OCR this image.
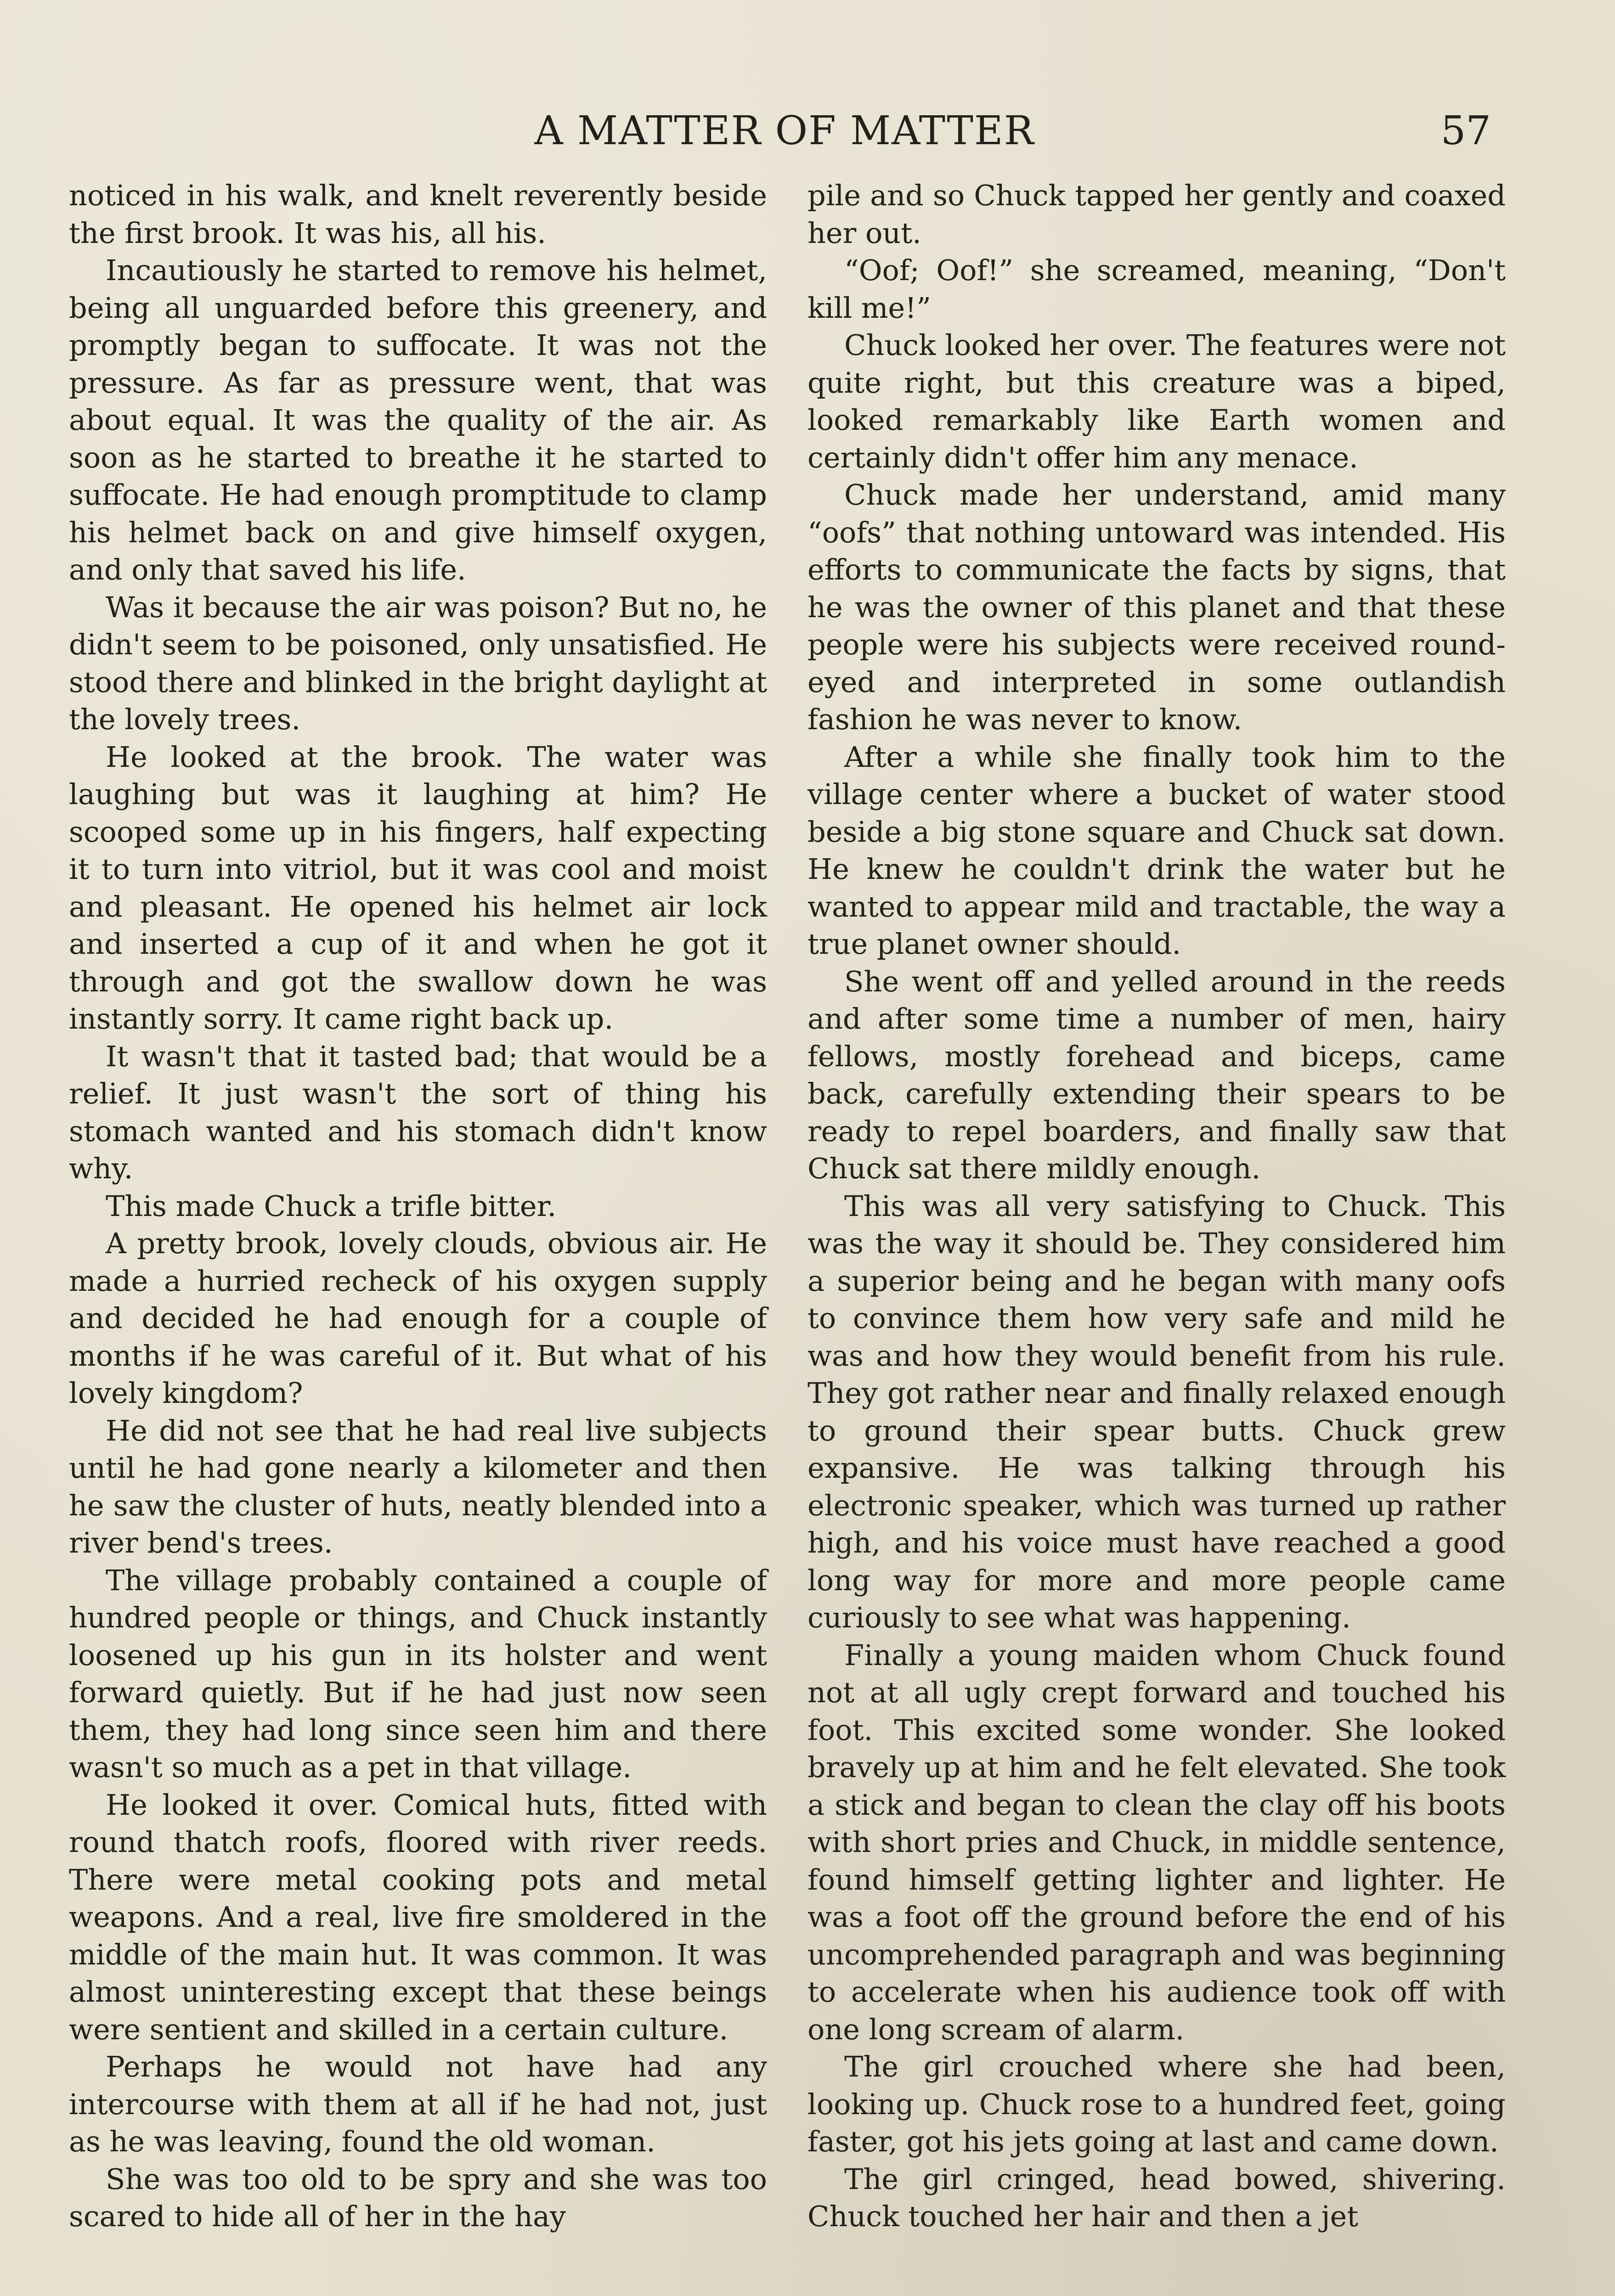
A MATTER OF MATTER	57

noticed in his walk, and knelt reverently beside the first brook. It was his, all his.

Incautiously he started to remove his helmet, being all unguarded before this greenery, and promptly began to suffocate. It was not the pressure. As far as pressure went, that was about equal. It was the quality of the air. As soon as he started to breathe it he started to suffocate. He had enough promptitude to clamp his helmet back on and give himself oxygen, and only that saved his life.

Was it because the air was poison? But no, he didn't seem to be poisoned, only unsatisfied. He stood there and blinked in the bright daylight at the lovely trees.

He looked at the brook. The water was laughing but was it laughing at him? He scooped some up in his fingers, half expecting it to turn into vitriol, but it was cool and moist and pleasant. He opened his helmet air lock and inserted a cup of it and when he got it through and got the swallow down he was instantly sorry. It came right back up.

It wasn't that it tasted bad; that would be a relief. It just wasn't the sort of thing his stomach wanted and his stomach didn't know why.

This made Chuck a trifle bitter.

A pretty brook, lovely clouds, obvious air. He made a hurried recheck of his oxygen supply and decided he had enough for a couple of months if he was careful of it. But what of his lovely kingdom?

He did not see that he had real live subjects until he had gone nearly a kilometer and then he saw the cluster of huts, neatly blended into a river bend's trees.

The village probably contained a couple of hundred people or things, and Chuck instantly loosened up his gun in its holster and went forward quietly. But if he had just now seen them, they had long since seen him and there wasn't so much as a pet in that village.

He looked it over. Comical huts, fitted with round thatch roofs, floored with river reeds. There were metal cooking pots and metal weapons. And a real, live fire smoldered in the middle of the main hut. It was common. It was almost uninteresting except that these beings were sentient and skilled in a certain culture.

Perhaps he would not have had any intercourse with them at all if he had not, just as he was leaving, found the old woman.

She was too old to be spry and she was too scared to hide all of her in the hay

pile and so Chuck tapped her gently and coaxed her out.

“Oof; Oof!” she screamed, meaning, “Don't kill me!”

Chuck looked her over. The features were not quite right, but this creature was a biped, looked remarkably like Earth women and certainly didn't offer him any menace.

Chuck made her understand, amid many “oofs” that nothing untoward was intended. His efforts to communicate the facts by signs, that he was the owner of this planet and that these people were his subjects were received round-eyed and interpreted in some outlandish fashion he was never to know.

After a while she finally took him to the village center where a bucket of water stood beside a big stone square and Chuck sat down. He knew he couldn't drink the water but he wanted to appear mild and tractable, the way a true planet owner should.

She went off and yelled around in the reeds and after some time a number of men, hairy fellows, mostly forehead and biceps, came back, carefully extending their spears to be ready to repel boarders, and finally saw that Chuck sat there mildly enough.

This was all very satisfying to Chuck. This was the way it should be. They considered him a superior being and he began with many oofs to convince them how very safe and mild he was and how they would benefit from his rule. They got rather near and finally relaxed enough to ground their spear butts. Chuck grew expansive. He was talking through his electronic speaker, which was turned up rather high, and his voice must have reached a good long way for more and more people came curiously to see what was happening.

Finally a young maiden whom Chuck found not at all ugly crept forward and touched his foot. This excited some wonder. She looked bravely up at him and he felt elevated. She took a stick and began to clean the clay off his boots with short pries and Chuck, in middle sentence, found himself getting lighter and lighter. He was a foot off the ground before the end of his uncomprehended paragraph and was beginning to accelerate when his audience took off with one long scream of alarm.

The girl crouched where she had been, looking up. Chuck rose to a hundred feet, going faster, got his jets going at last and came down.

The girl cringed, head bowed, shivering. Chuck touched her hair and then a jet
